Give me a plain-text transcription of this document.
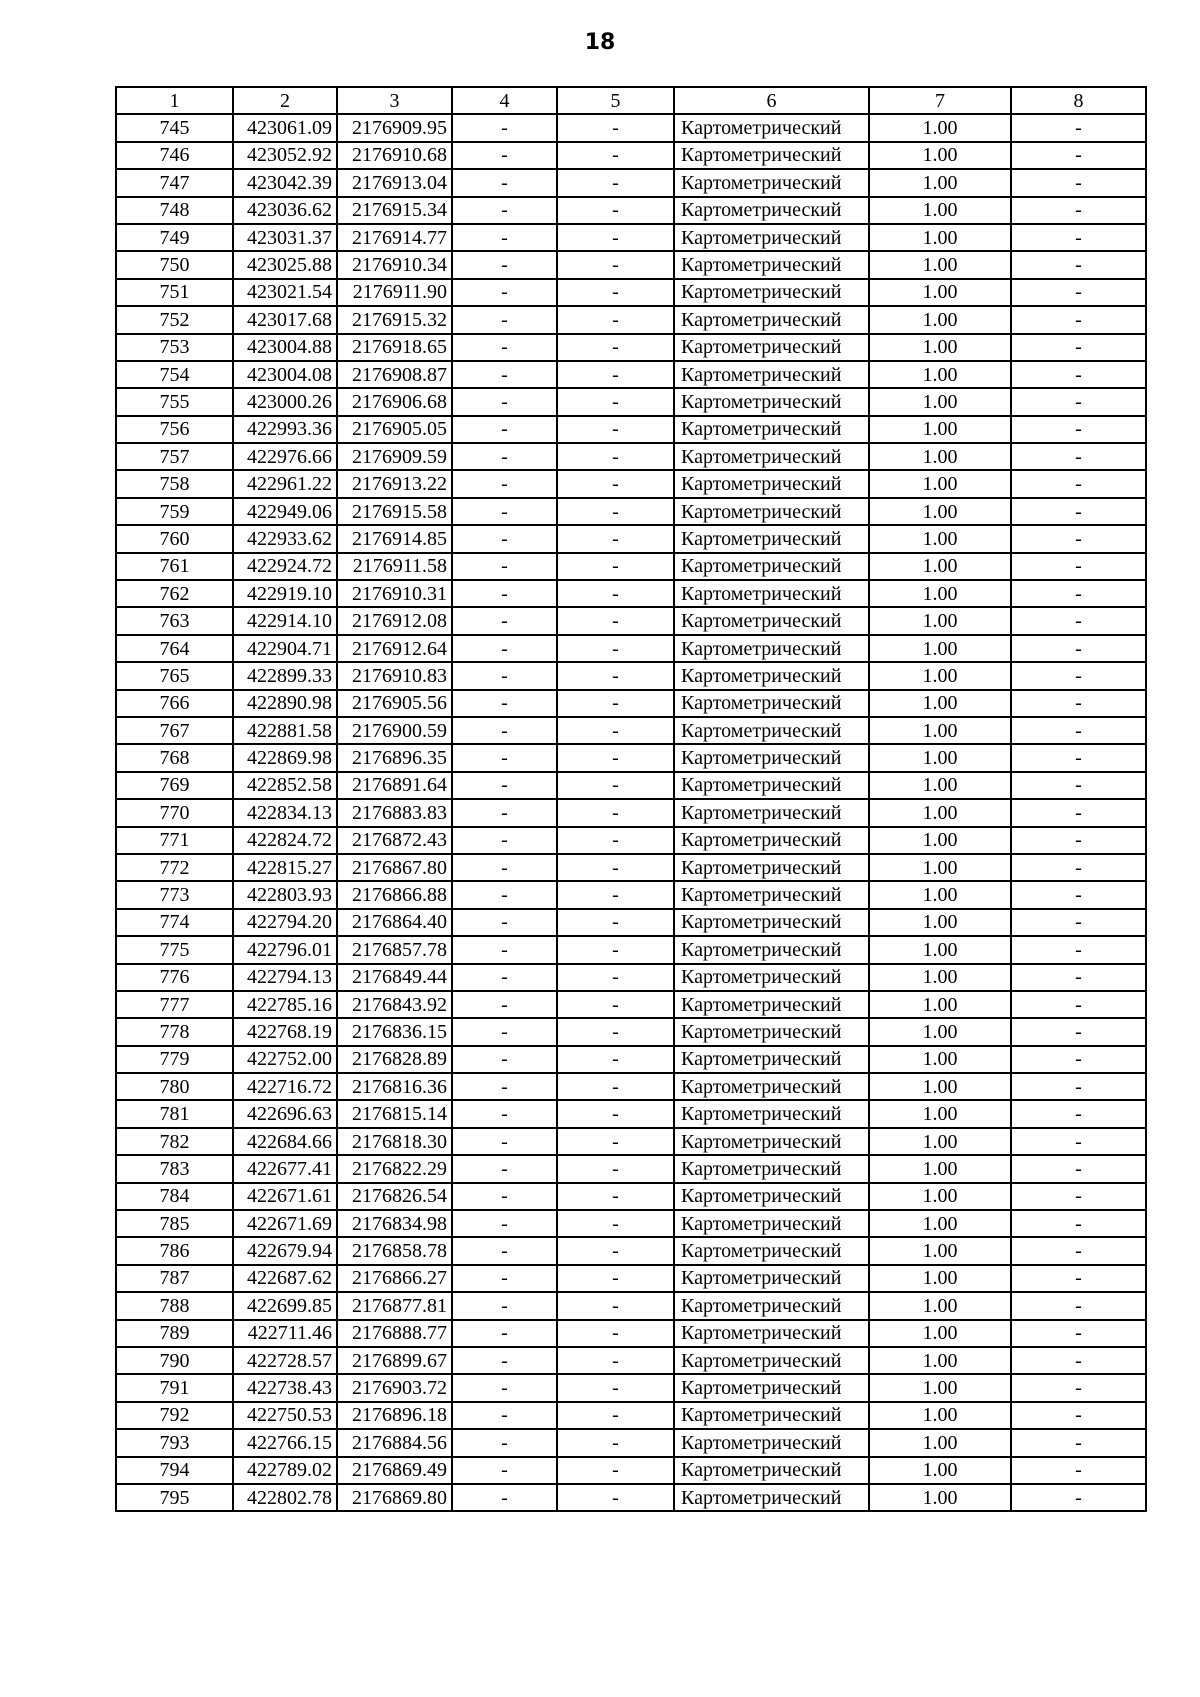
18
1	2	3	4	5	6	7	8
745	423061.09	2176909.95	-	-	Картометрический	1.00	-
746	423052.92	2176910.68	-	-	Картометрический	1.00	-
747	423042.39	2176913.04	-	-	Картометрический	1.00	-
748	423036.62	2176915.34	-	-	Картометрический	1.00	-
749	423031.37	2176914.77	-	-	Картометрический	1.00	-
750	423025.88	2176910.34	-	-	Картометрический	1.00	-
751	423021.54	2176911.90	-	-	Картометрический	1.00	-
752	423017.68	2176915.32	-	-	Картометрический	1.00	-
753	423004.88	2176918.65	-	-	Картометрический	1.00	-
754	423004.08	2176908.87	-	-	Картометрический	1.00	-
755	423000.26	2176906.68	-	-	Картометрический	1.00	-
756	422993.36	2176905.05	-	-	Картометрический	1.00	-
757	422976.66	2176909.59	-	-	Картометрический	1.00	-
758	422961.22	2176913.22	-	-	Картометрический	1.00	-
759	422949.06	2176915.58	-	-	Картометрический	1.00	-
760	422933.62	2176914.85	-	-	Картометрический	1.00	-
761	422924.72	2176911.58	-	-	Картометрический	1.00	-
762	422919.10	2176910.31	-	-	Картометрический	1.00	-
763	422914.10	2176912.08	-	-	Картометрический	1.00	-
764	422904.71	2176912.64	-	-	Картометрический	1.00	-
765	422899.33	2176910.83	-	-	Картометрический	1.00	-
766	422890.98	2176905.56	-	-	Картометрический	1.00	-
767	422881.58	2176900.59	-	-	Картометрический	1.00	-
768	422869.98	2176896.35	-	-	Картометрический	1.00	-
769	422852.58	2176891.64	-	-	Картометрический	1.00	-
770	422834.13	2176883.83	-	-	Картометрический	1.00	-
771	422824.72	2176872.43	-	-	Картометрический	1.00	-
772	422815.27	2176867.80	-	-	Картометрический	1.00	-
773	422803.93	2176866.88	-	-	Картометрический	1.00	-
774	422794.20	2176864.40	-	-	Картометрический	1.00	-
775	422796.01	2176857.78	-	-	Картометрический	1.00	-
776	422794.13	2176849.44	-	-	Картометрический	1.00	-
777	422785.16	2176843.92	-	-	Картометрический	1.00	-
778	422768.19	2176836.15	-	-	Картометрический	1.00	-
779	422752.00	2176828.89	-	-	Картометрический	1.00	-
780	422716.72	2176816.36	-	-	Картометрический	1.00	-
781	422696.63	2176815.14	-	-	Картометрический	1.00	-
782	422684.66	2176818.30	-	-	Картометрический	1.00	-
783	422677.41	2176822.29	-	-	Картометрический	1.00	-
784	422671.61	2176826.54	-	-	Картометрический	1.00	-
785	422671.69	2176834.98	-	-	Картометрический	1.00	-
786	422679.94	2176858.78	-	-	Картометрический	1.00	-
787	422687.62	2176866.27	-	-	Картометрический	1.00	-
788	422699.85	2176877.81	-	-	Картометрический	1.00	-
789	422711.46	2176888.77	-	-	Картометрический	1.00	-
790	422728.57	2176899.67	-	-	Картометрический	1.00	-
791	422738.43	2176903.72	-	-	Картометрический	1.00	-
792	422750.53	2176896.18	-	-	Картометрический	1.00	-
793	422766.15	2176884.56	-	-	Картометрический	1.00	-
794	422789.02	2176869.49	-	-	Картометрический	1.00	-
795	422802.78	2176869.80	-	-	Картометрический	1.00	-
